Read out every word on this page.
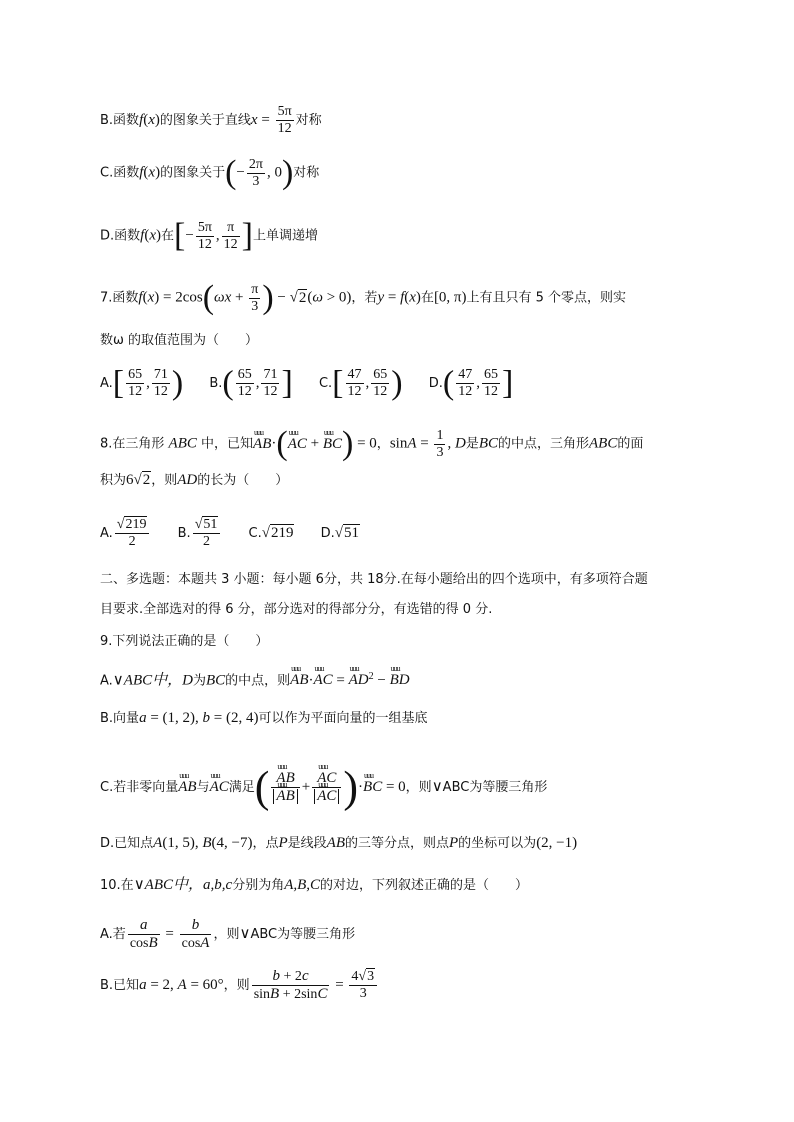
B.函数f(x)的图象关于直线$x = \frac{5\pi}{12}$ 对称
C.函数f(x)的图象关于(− $\frac{2\pi}{3}$ , 0)对称
D.函数f(x)在[− $\frac{5\pi}{12}$ , $\frac{\pi}{12}$ ]上单调递增
7.函数$f(x) = 2\cos(\omega x + \frac{\pi}{3}$ ) − √2(ω > 0)，若y = f(x)在[0, π)上有且只有 5 个零点，则实
数ω 的取值范围为（　　）
$A.[ \frac{65}{12}$ , $\frac{71}{12}$ ) $B.( \frac{65}{12}$ , $\frac{71}{12}$ ] $C.[ \frac{47}{12}$ , $\frac{65}{12}$ ) $D.( \frac{47}{12}$ , $\frac{65}{12}$ ]
8.在三角形 ABC 中，已知uuu AB·(uuu AC + uuu BC) = 0，$\sin A = \frac{1}{3}$ , D是BC的中点，三角形ABC的面
积为6√2，则AD的长为（　　）
A. $\frac{√219}{2} B$. $\frac{√51}{2} C.√219$ D.√51
二、多选题：本题共 3 小题：每小题 6分，共 18分.在每小题给出的四个选项中，有多项符合题
目要求.全部选对的得 6 分，部分选对的得部分分，有选错的得 0 分.
9.下列说法正确的是（　　）
A.∨ABC中，D为BC的中点，则uuu AB·uuu AC = uuu $AD^2$ − uuu BD
B.向量a = (1, 2), b = (2, 4)可以作为平面向量的一组基底
C.若非零向量uuu AB与uuu AC满足( uuu AB
uuu AB + uuu AC
uuu AC )·uuu BC = 0，则∨ABC为等腰三角形
D.已知点A(1, 5), B(4, −7)，点P是线段AB的三等分点，则点P的坐标可以为(2, −1)
10.在∨ABC中，a,b,c分别为角A,B,C的对边，下列叙述正确的是（　　）
A.若 $\frac{a}{\cos B} = \frac{b}{\cos A}$ ，则∨ABC为等腰三角形
B.已知a = 2, A = 60°，则 $\frac{b + 2c}{\sin B + 2\sin C} = \frac{4√3}{3}$
